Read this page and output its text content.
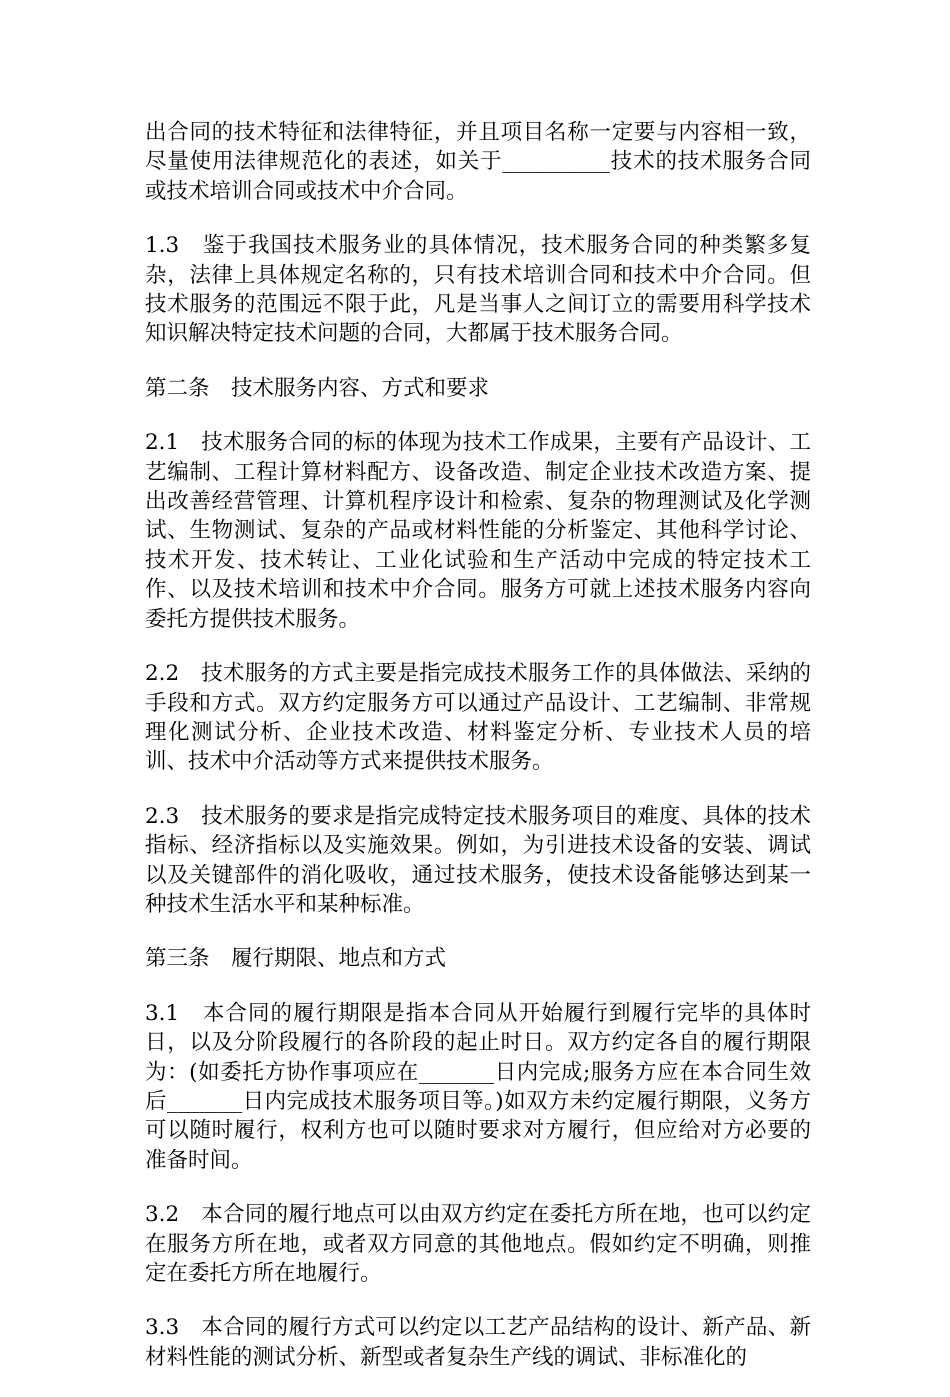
出合同的技术特征和法律特征，并且项目名称一定要与内容相一致，尽量使用法律规范化的表述，如关于__________技术的技术服务合同或技术培训合同或技术中介合同。

1.3　鉴于我国技术服务业的具体情况，技术服务合同的种类繁多复杂，法律上具体规定名称的，只有技术培训合同和技术中介合同。但技术服务的范围远不限于此，凡是当事人之间订立的需要用科学技术知识解决特定技术问题的合同，大都属于技术服务合同。

第二条　技术服务内容、方式和要求

2.1　技术服务合同的标的体现为技术工作成果，主要有产品设计、工艺编制、工程计算材料配方、设备改造、制定企业技术改造方案、提出改善经营管理、计算机程序设计和检索、复杂的物理测试及化学测试、生物测试、复杂的产品或材料性能的分析鉴定、其他科学讨论、技术开发、技术转让、工业化试验和生产活动中完成的特定技术工作、以及技术培训和技术中介合同。服务方可就上述技术服务内容向委托方提供技术服务。

2.2　技术服务的方式主要是指完成技术服务工作的具体做法、采纳的手段和方式。双方约定服务方可以通过产品设计、工艺编制、非常规理化测试分析、企业技术改造、材料鉴定分析、专业技术人员的培训、技术中介活动等方式来提供技术服务。

2.3　技术服务的要求是指完成特定技术服务项目的难度、具体的技术指标、经济指标以及实施效果。例如，为引进技术设备的安装、调试以及关键部件的消化吸收，通过技术服务，使技术设备能够达到某一种技术生活水平和某种标准。

第三条　履行期限、地点和方式

3.1　本合同的履行期限是指本合同从开始履行到履行完毕的具体时日，以及分阶段履行的各阶段的起止时日。双方约定各自的履行期限为：(如委托方协作事项应在_______日内完成;服务方应在本合同生效后_______日内完成技术服务项目等。)如双方未约定履行期限，义务方可以随时履行，权利方也可以随时要求对方履行，但应给对方必要的准备时间。

3.2　本合同的履行地点可以由双方约定在委托方所在地，也可以约定在服务方所在地，或者双方同意的其他地点。假如约定不明确，则推定在委托方所在地履行。

3.3　本合同的履行方式可以约定以工艺产品结构的设计、新产品、新材料性能的测试分析、新型或者复杂生产线的调试、非标准化的
